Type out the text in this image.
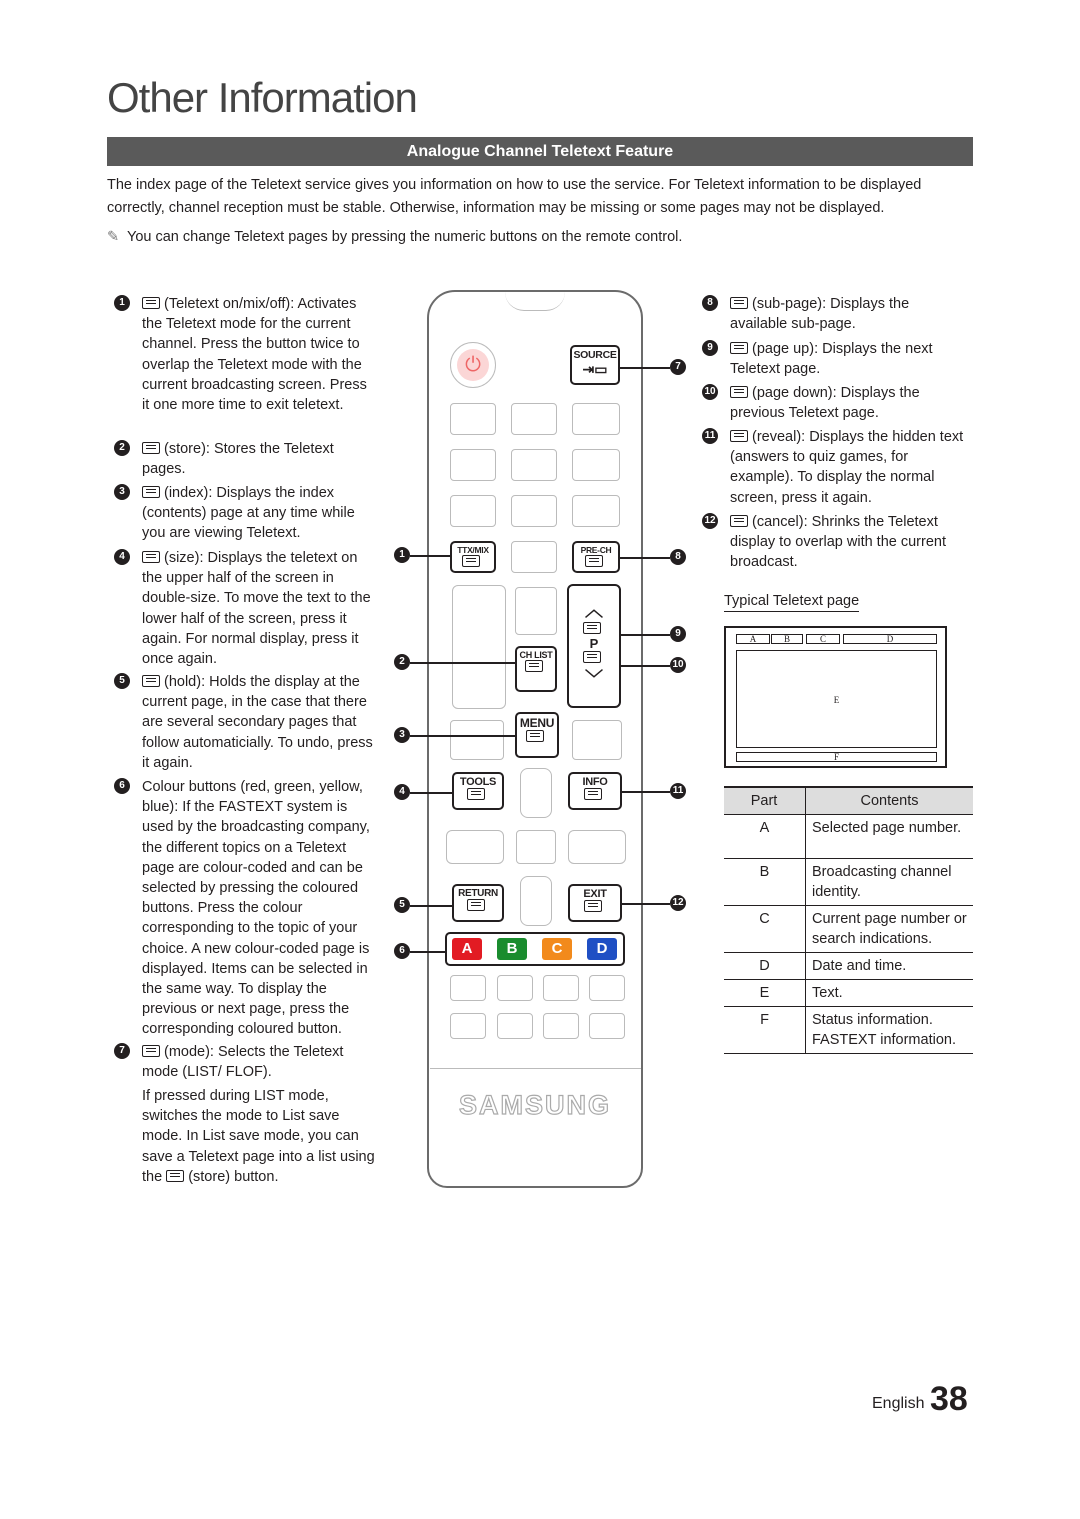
Other Information
Analogue Channel Teletext Feature
The index page of the Teletext service gives you information on how to use the service. For Teletext information to be displayed correctly, channel reception must be stable. Otherwise, information may be missing or some pages may not be displayed.
✎ You can change Teletext pages by pressing the numeric buttons on the remote control.
1	(Teletext on/mix/off): Activates the Teletext mode for the current channel. Press the button twice to overlap the Teletext mode with the current broadcasting screen. Press it one more time to exit teletext.
2	(store): Stores the Teletext pages.
3	(index): Displays the index (contents) page at any time while you are viewing Teletext.
4	(size): Displays the teletext on the upper half of the screen in double-size. To move the text to the lower half of the screen, press it again. For normal display, press it once again.
5	(hold): Holds the display at the current page, in the case that there are several secondary pages that follow automaticially. To undo, press it again.
6	Colour buttons (red, green, yellow, blue): If the FASTEXT system is used by the broadcasting company, the different topics on a Teletext page are colour-coded and can be selected by pressing the coloured buttons. Press the colour corresponding to the topic of your choice. A new colour-coded page is displayed. Items can be selected in the same way. To display the previous or next page, press the corresponding coloured button.
7	(mode): Selects the Teletext mode (LIST/ FLOF).
If pressed during LIST mode, switches the mode to List save mode. In List save mode, you can save a Teletext page into a list using the (store) button.
⏻	SOURCE
⇥▭
TTX/MIX	PRE-CH
CH LIST
︿
P
﹀
MENU
TOOLS	INFO
RETURN	EXIT
A	B	C	D
SAMSUNG
1
2
3
4
5
6
7
8
9
10
11
12
8	(sub-page): Displays the available sub-page.
9	(page up): Displays the next Teletext page.
10	(page down): Displays the previous Teletext page.
11	(reveal): Displays the hidden text (answers to quiz games, for example). To display the normal screen, press it again.
12	(cancel): Shrinks the Teletext display to overlap with the current broadcast.
Typical Teletext page
A	B	C	D
E
F
Part	Contents
A	Selected page number.
B	Broadcasting channel identity.
C	Current page number or search indications.
D	Date and time.
E	Text.
F	Status information. FASTEXT information.
English 38
